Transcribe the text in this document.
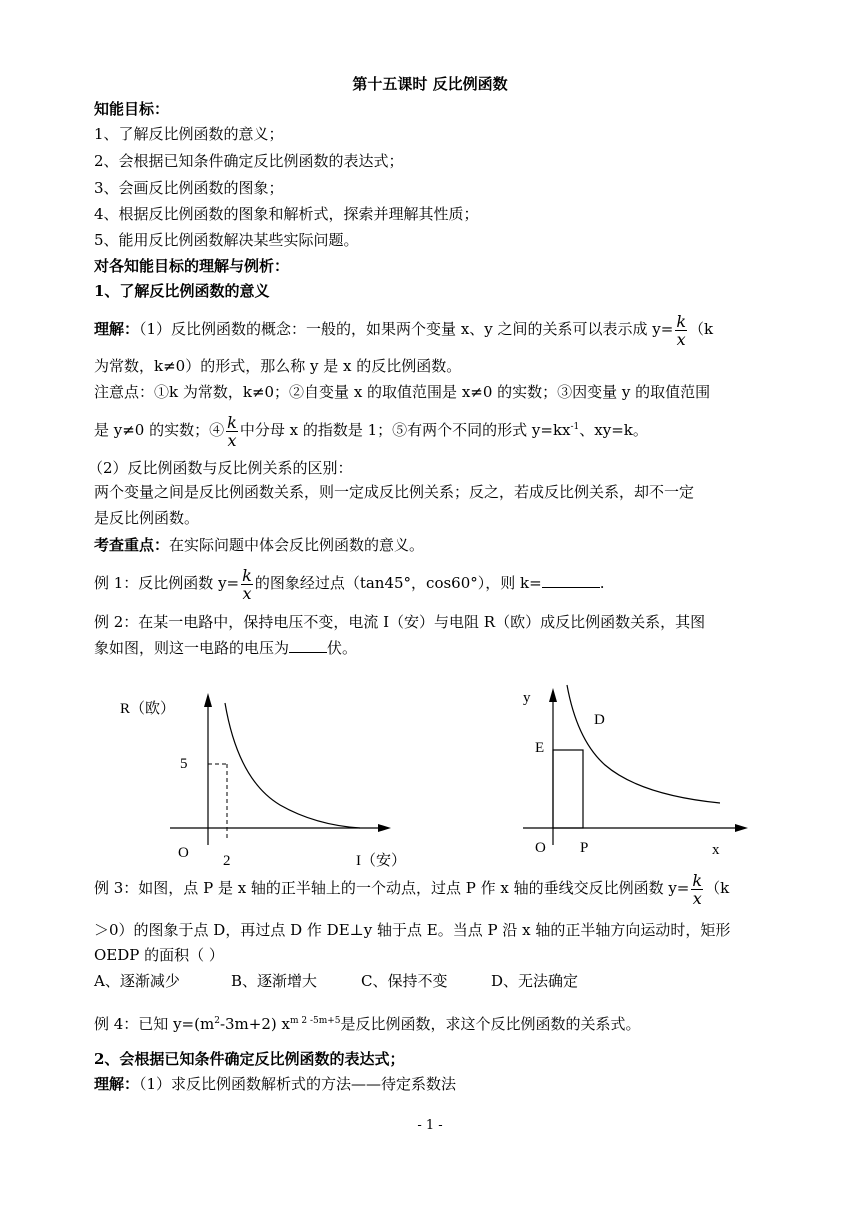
第十五课时 反比例函数
知能目标：
1、了解反比例函数的意义；
2、会根据已知条件确定反比例函数的表达式；
3、会画反比例函数的图象；
4、根据反比例函数的图象和解析式，探索并理解其性质；
5、能用反比例函数解决某些实际问题。
对各知能目标的理解与例析：
1、了解反比例函数的意义
理解：（1）反比例函数的概念：一般的，如果两个变量 x、y 之间的关系可以表示成 $y= \frac{k}{x} (k$
为常数，k≠0）的形式，那么称 y 是 x 的反比例函数。
注意点：①k 为常数，k≠0；②自变量 x 的取值范围是 x≠0 的实数；③因变量 y 的取值范围
是 y≠0 的实数；④ $\frac{k}{x}$ 中分母 x 的指数是 1；⑤有两个不同的形式 $y=kx^{-1}$、xy=k。
（2）反比例函数与反比例关系的区别：
两个变量之间是反比例函数关系，则一定成反比例关系；反之，若成反比例关系，却不一定
是反比例函数。
考查重点：在实际问题中体会反比例函数的意义。
例 1：反比例函数 $y= \frac{k}{x}$ 的图象经过点（tan45°，cos60°），则 k=	.
例 2：在某一电路中，保持电压不变，电流 I（安）与电阻 R（欧）成反比例函数关系，其图
象如图，则这一电路的电压为	伏。
R（欧）
5
O 2	I（安）
y
D
E
O P	x
例 3：如图，点 P 是 x 轴的正半轴上的一个动点，过点 P 作 x 轴的垂线交反比例函数 $y= \frac{k}{x} (k$
＞0）的图象于点 D，再过点 D 作 DE⊥y 轴于点 E。当点 P 沿 x 轴的正半轴方向运动时，矩形
OEDP 的面积（ ）
A、逐渐减少	B、逐渐增大	C、保持不变	D、无法确定
例 4：已知 $y=(m^2-3m+2)$ $x^{m 2 -5m+5}$是反比例函数，求这个反比例函数的关系式。
2、会根据已知条件确定反比例函数的表达式；
理解：（1）求反比例函数解析式的方法——待定系数法
- 1 -
